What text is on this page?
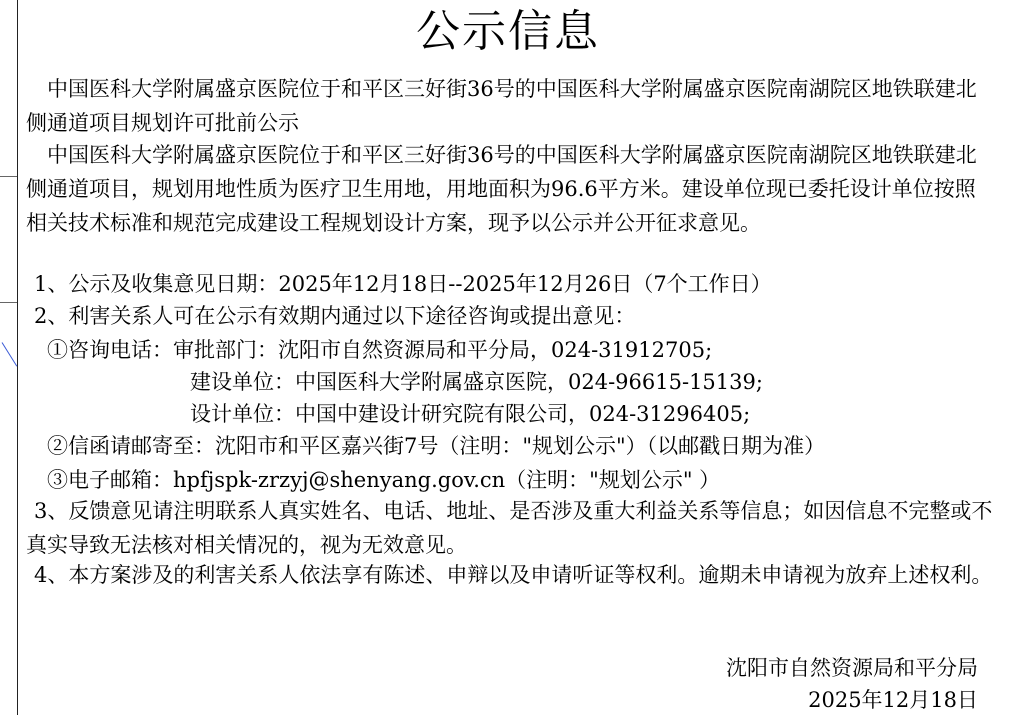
公示信息

中国医科大学附属盛京医院位于和平区三好街36号的中国医科大学附属盛京医院南湖院区地铁联建北侧通道项目规划许可批前公示

中国医科大学附属盛京医院位于和平区三好街36号的中国医科大学附属盛京医院南湖院区地铁联建北侧通道项目，规划用地性质为医疗卫生用地，用地面积为96.6平方米。建设单位现已委托设计单位按照相关技术标准和规范完成建设工程规划设计方案，现予以公示并公开征求意见。

1、公示及收集意见日期：2025年12月18日--2025年12月26日（7个工作日）
2、利害关系人可在公示有效期内通过以下途径咨询或提出意见：
①咨询电话：审批部门：沈阳市自然资源局和平分局，024-31912705;
建设单位：中国医科大学附属盛京医院，024-96615-15139;
设计单位：中国中建设计研究院有限公司，024-31296405;
②信函请邮寄至：沈阳市和平区嘉兴街7号（注明："规划公示"）（以邮戳日期为准）
③电子邮箱：hpfjspk-zrzyj@shenyang.gov.cn（注明："规划公示" ）

3、反馈意见请注明联系人真实姓名、电话、地址、是否涉及重大利益关系等信息；如因信息不完整或不真实导致无法核对相关情况的，视为无效意见。

4、本方案涉及的利害关系人依法享有陈述、申辩以及申请听证等权利。逾期未申请视为放弃上述权利。

沈阳市自然资源局和平分局
2025年12月18日
